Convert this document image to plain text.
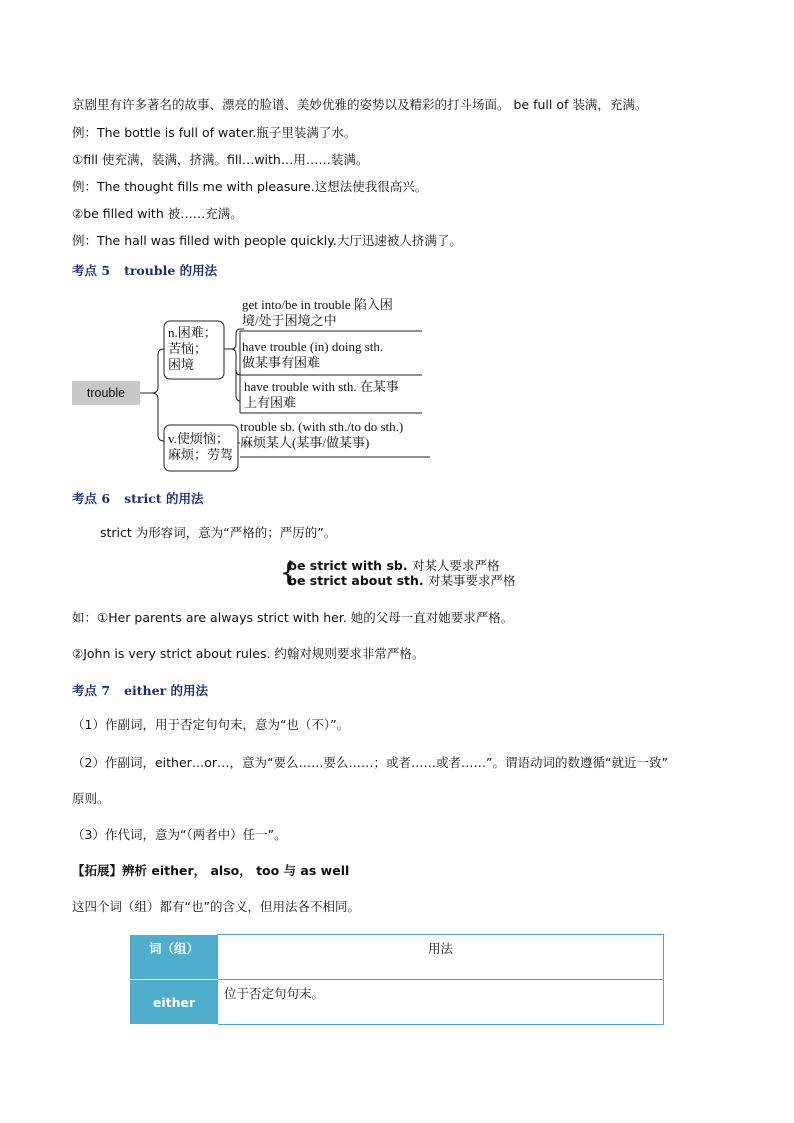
京剧里有许多著名的故事、漂亮的脸谱、美妙优雅的姿势以及精彩的打斗场面。 be full of 装满，充满。
例：The bottle is full of water.瓶子里装满了水。
①fill 使充满，装满，挤满。fill…with…用……装满。
例：The thought fills me with pleasure.这想法使我很高兴。
②be filled with 被……充满。
例：The hall was filled with people quickly.大厅迅速被人挤满了。
考点 5 trouble 的用法
trouble
n.困难；
苦恼；
困境
v.使烦恼；
麻烦；劳驾
get into/be in trouble 陷入困
境/处于困境之中
have trouble (in) doing sth.
做某事有困难
have trouble with sth. 在某事
上有困难
trouble sb. (with sth./to do sth.)
麻烦某人(某事/做某事)
考点 6 strict 的用法
strict 为形容词，意为“严格的；严厉的”。
{
be strict with sb. 对某人要求严格
be strict about sth. 对某事要求严格
如：①Her parents are always strict with her. 她的父母一直对她要求严格。
②John is very strict about rules. 约翰对规则要求非常严格。
考点 7 either 的用法
（1）作副词，用于否定句句末，意为“也（不）”。
（2）作副词，either…or…，意为“要么……要么……；或者……或者……”。谓语动词的数遵循“就近一致”
原则。
（3）作代词，意为“（两者中）任一”。
【拓展】辨析 either， also， too 与 as well
这四个词（组）都有“也”的含义，但用法各不相同。
词（组）	用法
either	位于否定句句末。
